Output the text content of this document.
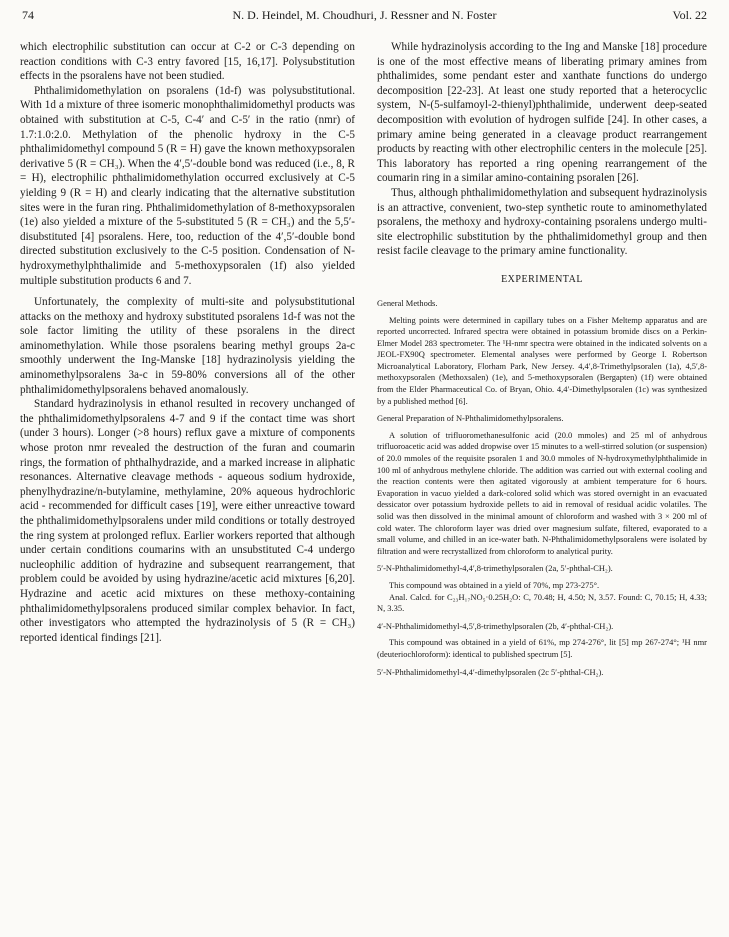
74	N. D. Heindel, M. Choudhuri, J. Ressner and N. Foster	Vol. 22

which electrophilic substitution can occur at C-2 or C-3 depending on reaction conditions with C-3 entry favored [15, 16,17]. Polysubstitution effects in the psoralens have not been studied.

Phthalimidomethylation on psoralens (1d-f) was polysubstitutional. With 1d a mixture of three isomeric monophthalimidomethyl products was obtained with substitution at C-5, C-4′ and C-5′ in the ratio (nmr) of 1.7:1.0:2.0. Methylation of the phenolic hydroxy in the C-5 phthalimidomethyl compound 5 (R = H) gave the known methoxypsoralen derivative 5 (R = CH₃). When the 4′,5′-double bond was reduced (i.e., 8, R = H), electrophilic phthalimidomethylation occurred exclusively at C-5 yielding 9 (R = H) and clearly indicating that the alternative substitution sites were in the furan ring. Phthalimidomethylation of 8-methoxypsoralen (1e) also yielded a mixture of the 5-substituted 5 (R = CH₃) and the 5,5′-disubstituted [4] psoralens. Here, too, reduction of the 4′,5′-double bond directed substitution exclusively to the C-5 position. Condensation of N-hydroxymethylphthalimide and 5-methoxypsoralen (1f) also yielded multiple substitution products 6 and 7.

Unfortunately, the complexity of multi-site and polysubstitutional attacks on the methoxy and hydroxy substituted psoralens 1d-f was not the sole factor limiting the utility of these psoralens in the direct aminomethylation. While those psoralens bearing methyl groups 2a-c smoothly underwent the Ing-Manske [18] hydrazinolysis yielding the aminomethylpsoralens 3a-c in 59-80% conversions all of the other phthalimidomethylpsoralens behaved anomalously.

Standard hydrazinolysis in ethanol resulted in recovery unchanged of the phthalimidomethylpsoralens 4-7 and 9 if the contact time was short (under 3 hours). Longer (>8 hours) reflux gave a mixture of components whose proton nmr revealed the destruction of the furan and coumarin rings, the formation of phthalhydrazide, and a marked increase in aliphatic resonances. Alternative cleavage methods - aqueous sodium hydroxide, phenylhydrazine/n-butylamine, methylamine, 20% aqueous hydrochloric acid - recommended for difficult cases [19], were either unreactive toward the phthalimidomethylpsoralens under mild conditions or totally destroyed the ring system at prolonged reflux. Earlier workers reported that although under certain conditions coumarins with an unsubstituted C-4 undergo nucleophilic addition of hydrazine and subsequent rearrangement, that problem could be avoided by using hydrazine/acetic acid mixtures [6,20]. Hydrazine and acetic acid mixtures on these methoxy-containing phthalimidomethylpsoralens produced similar complex behavior. In fact, other investigators who attempted the hydrazinolysis of 5 (R = CH₃) reported identical findings [21].

While hydrazinolysis according to the Ing and Manske [18] procedure is one of the most effective means of liberating primary amines from phthalimides, some pendant ester and xanthate functions do undergo decomposition [22-23]. At least one study reported that a heterocyclic system, N-(5-sulfamoyl-2-thienyl)phthalimide, underwent deep-seated decomposition with evolution of hydrogen sulfide [24]. In other cases, a primary amine being generated in a cleavage product rearrangement products by reacting with other electrophilic centers in the molecule [25]. This laboratory has reported a ring opening rearrangement of the coumarin ring in a similar amino-containing psoralen [26].

Thus, although phthalimidomethylation and subsequent hydrazinolysis is an attractive, convenient, two-step synthetic route to aminomethylated psoralens, the methoxy and hydroxy-containing psoralens undergo multi-site electrophilic substitution by the phthalimidomethyl group and then resist facile cleavage to the primary amine functionality.

EXPERIMENTAL
General Methods.

Melting points were determined in capillary tubes on a Fisher Meltemp apparatus and are reported uncorrected. Infrared spectra were obtained in potassium bromide discs on a Perkin-Elmer Model 283 spectrometer. The ¹H-nmr spectra were obtained in the indicated solvents on a JEOL-FX90Q spectrometer. Elemental analyses were performed by George I. Robertson Microanalytical Laboratory, Florham Park, New Jersey. 4,4′,8-Trimethylpsoralen (1a), 4,5′,8-methoxypsoralen (Methoxsalen) (1e), and 5-methoxypsoralen (Bergapten) (1f) were obtained from the Elder Pharmaceutical Co. of Bryan, Ohio. 4,4′-Dimethylpsoralen (1c) was synthesized by a published method [6].

General Preparation of N-Phthalimidomethylpsoralens.

A solution of trifluoromethanesulfonic acid (20.0 mmoles) and 25 ml of anhydrous trifluoroacetic acid was added dropwise over 15 minutes to a well-stirred solution (or suspension) of 20.0 mmoles of the requisite psoralen 1 and 30.0 mmoles of N-hydroxymethylphthalimide in 100 ml of anhydrous methylene chloride. The addition was carried out with external cooling and the reaction contents were then agitated vigorously at ambient temperature for 6 hours. Evaporation in vacuo yielded a dark-colored solid which was stored overnight in an evacuated dessicator over potassium hydroxide pellets to aid in removal of residual acidic volatiles. The solid was then dissolved in the minimal amount of chloroform and washed with 3 × 200 ml of cold water. The chloroform layer was dried over magnesium sulfate, filtered, evaporated to a small volume, and chilled in an ice-water bath. N-Phthalimidomethylpsoralens were isolated by filtration and were recrystallized from chloroform to analytical purity.

5′-N-Phthalimidomethyl-4,4′,8-trimethylpsoralen (2a, 5′-phthal-CH₂).

This compound was obtained in a yield of 70%, mp 273-275°.

Anal. Calcd. for C₂₃H₁₇NO₅·0.25H₂O: C, 70.48; H, 4.50; N, 3.57. Found: C, 70.15; H, 4.33; N, 3.35.

4′-N-Phthalimidomethyl-4,5′,8-trimethylpsoralen (2b, 4′-phthal-CH₂).

This compound was obtained in a yield of 61%, mp 274-276°, lit [5] mp 267-274°; ¹H nmr (deuteriochloroform): identical to published spectrum [5].

5′-N-Phthalimidomethyl-4,4′-dimethylpsoralen (2c 5′-phthal-CH₂).
